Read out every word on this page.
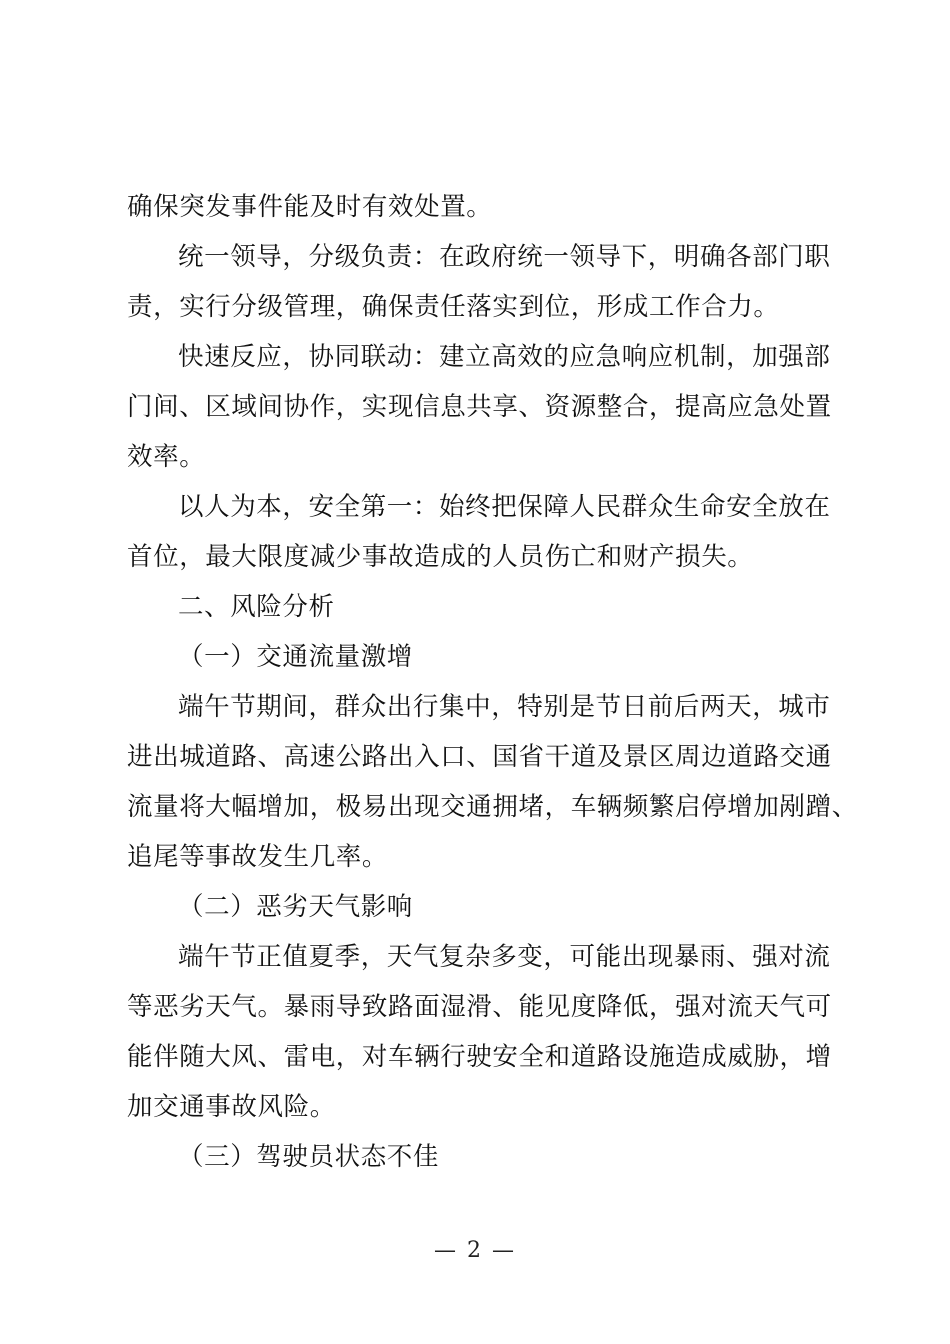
确保突发事件能及时有效处置。
统一领导，分级负责：在政府统一领导下，明确各部门职
责，实行分级管理，确保责任落实到位，形成工作合力。
快速反应，协同联动：建立高效的应急响应机制，加强部
门间、区域间协作，实现信息共享、资源整合，提高应急处置
效率。
以人为本，安全第一：始终把保障人民群众生命安全放在
首位，最大限度减少事故造成的人员伤亡和财产损失。
二、风险分析
（一）交通流量激增
端午节期间，群众出行集中，特别是节日前后两天，城市
进出城道路、高速公路出入口、国省干道及景区周边道路交通
流量将大幅增加，极易出现交通拥堵，车辆频繁启停增加剐蹭、
追尾等事故发生几率。
（二）恶劣天气影响
端午节正值夏季，天气复杂多变，可能出现暴雨、强对流
等恶劣天气。暴雨导致路面湿滑、能见度降低，强对流天气可
能伴随大风、雷电，对车辆行驶安全和道路设施造成威胁，增
加交通事故风险。
（三）驾驶员状态不佳
— 2 —
